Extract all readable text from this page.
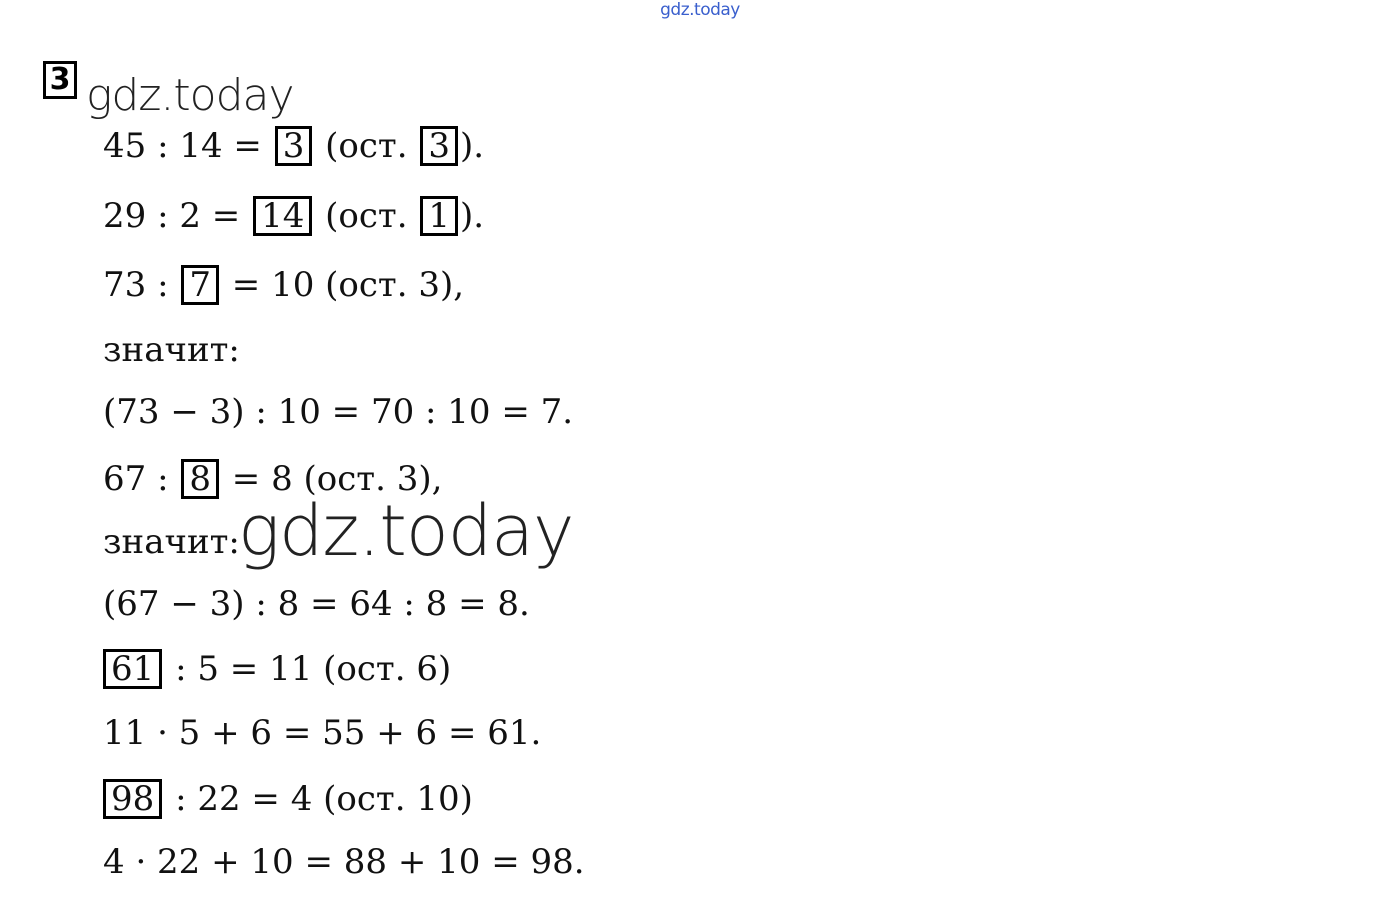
gdz.today
3 gdz.today
45 : 14 = 3 (ост. 3 ).
29 : 2 = 14 (ост. 1 ).
73 : 7 = 10 (ост. 3),
значит:
(73 − 3) : 10 = 70 : 10 = 7.
67 : 8 = 8 (ост. 3),
значит:
gdz.today
(67 − 3) : 8 = 64 : 8 = 8.
61 : 5 = 11 (ост. 6)
11 · 5 + 6 = 55 + 6 = 61.
98 : 22 = 4 (ост. 10)
4 · 22 + 10 = 88 + 10 = 98.
